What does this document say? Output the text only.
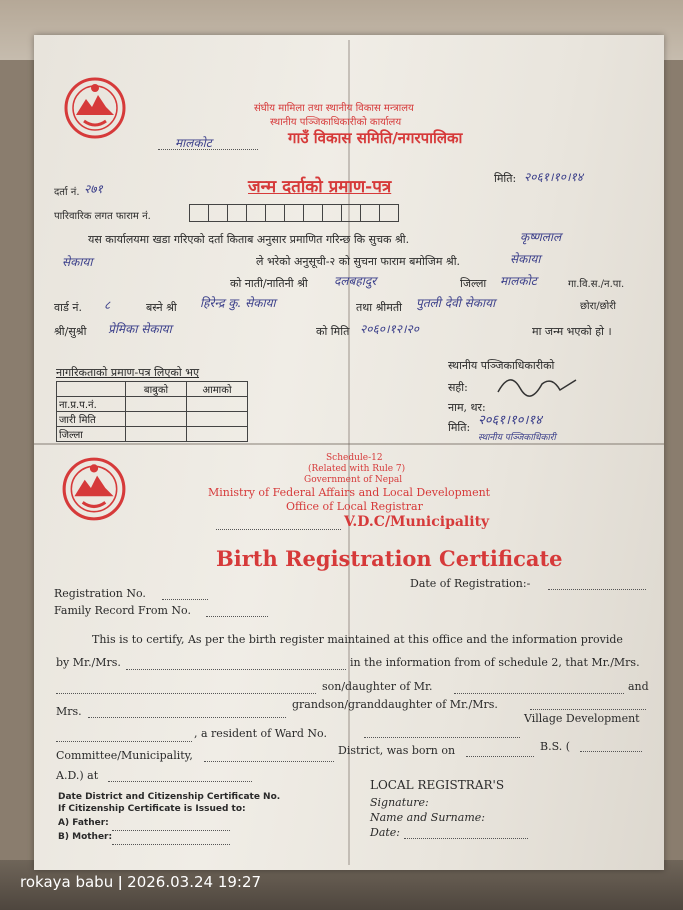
संघीय मामिला तथा स्थानीय विकास मन्त्रालय
स्थानीय पञ्जिकाधिकारीको कार्यालय
मालकोट	गाउँ विकास समिति/नगरपालिका
जन्म दर्ताको प्रमाण-पत्र
दर्ता नं. २७१
मिति: २०६१।१०।१४
पारिवारिक लगत फाराम नं.
यस कार्यालयमा खडा गरिएको दर्ता किताब अनुसार प्रमाणित गरिन्छ कि सुचक श्री.	कृष्णलाल
सेकाया	ले भरेको अनुसूची-२ को सुचना फाराम बमोजिम श्री.	सेकाया
को नाती/नातिनी श्री दलबहादुर	जिल्ला मालकोट	गा.वि.स./न.पा.
वार्ड नं. ८	बस्ने श्री हिरेन्द्र कु. सेकाया	तथा श्रीमती पुतली देवी सेकाया	छोरा/छोरी
श्री/सुश्री प्रेमिका सेकाया	को मिति २०६०।१२।२०	मा जन्म भएको हो ।
नागरिकताको प्रमाण-पत्र लिएको भए
	बाबुको	आमाको
ना.प्र.प.नं.		
जारी मिति		
जिल्ला		
स्थानीय पञ्जिकाधिकारीको
सही:
नाम, थर:
मिति: २०६१।१०।१४
स्थानीय पञ्जिकाधिकारी
Schedule-12
(Related with Rule 7)
Government of Nepal
Ministry of Federal Affairs and Local Development
Office of Local Registrar
V.D.C/Municipality
Birth Registration Certificate
Date of Registration:-
Registration No.
Family Record From No.
This is to certify, As per the birth register maintained at this office and the information provide
by Mr./Mrs.	in the information from of schedule 2, that Mr./Mrs.
son/daughter of Mr.	and
Mrs.
grandson/granddaughter of Mr./Mrs.
, a resident of Ward No.
Village Development
Committee/Municipality,	District, was born on	B.S. (
A.D.) at
Date District and Citizenship Certificate No.
If Citizenship Certificate is Issued to:
A) Father:
B) Mother:
LOCAL REGISTRAR'S
Signature:
Name and Surname:
Date:
rokaya babu ǀ 2026.03.24 19:27
